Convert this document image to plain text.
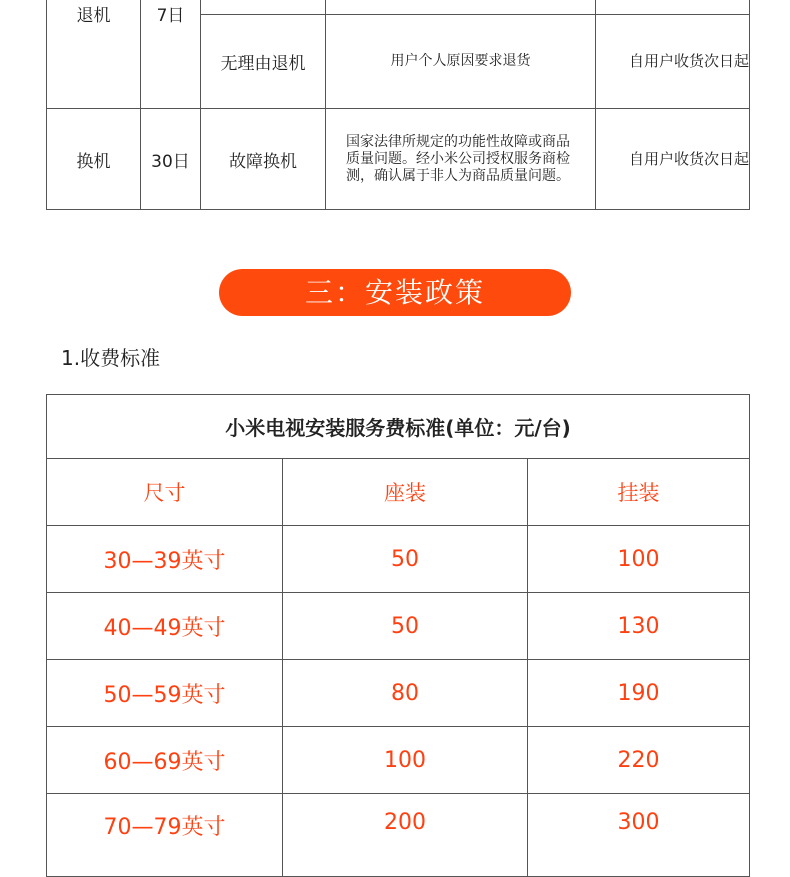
退机	7日			
		无理由退机	用户个人原因要求退货	自用户收货次日起
换机	30日	故障换机	国家法律所规定的功能性故障或商品质量问题。经小米公司授权服务商检测，确认属于非人为商品质量问题。	自用户收货次日起
三：安装政策
1.收费标准
小米电视安装服务费标准(单位：元/台)		
尺寸	座装	挂装
30—39英寸	50	100
40—49英寸	50	130
50—59英寸	80	190
60—69英寸	100	220
70—79英寸	200	300
